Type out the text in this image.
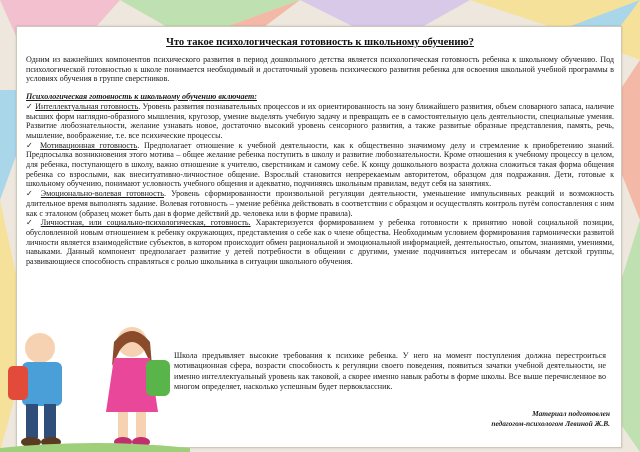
Что такое психологическая готовность к школьному обучению?

Одним из важнейших компонентов психического развития в период дошкольного детства является психологическая готовность ребенка к школьному обучению. Под психологической готовностью к школе понимается необходимый и достаточный уровень психического развития ребенка для освоения школьной учебной программы в условиях обучения в группе сверстников.

Психологическая готовность к школьному обучению включает:

✓ Интеллектуальная готовность. Уровень развития познавательных процессов и их ориентированность на зону ближайшего развития, объем словарного запаса, наличие высших форм наглядно-образного мышления, кругозор, умение выделять учебную задачу и превращать ее в самостоятельную цель деятельности, специальные умения. Развитие любознательности, желание узнавать новое, достаточно высокий уровень сенсорного развития, а также развитые образные представления, память, речь, мышление, воображение, т.е. все психические процессы.

✓ Мотивационная готовность. Предполагает отношение к учебной деятельности, как к общественно значимому делу и стремление к приобретению знаний. Предпосылка возникновения этого мотива – общее желание ребенка поступить в школу и развитие любознательности. Кроме отношения к учебному процессу в целом, для ребенка, поступающего в школу, важно отношение к учителю, сверстникам и самому себе. К концу дошкольного возраста должна сложиться такая форма общения ребенка со взрослыми, как внеситуативно-личностное общение. Взрослый становится непререкаемым авторитетом, образцом для подражания. Дети, готовые к школьному обучению, понимают условность учебного общения и адекватно, подчиняясь школьным правилам, ведут себя на занятиях.

✓ Эмоционально-волевая готовность. Уровень сформированности произвольной регуляции деятельности, уменьшение импульсивных реакций и возможность длительное время выполнять задание. Волевая готовность – умение ребёнка действовать в соответствии с образцом и осуществлять контроль путём сопоставления с ним как с эталоном (образец может быть дан в форме действий др. человека или в форме правила).

✓ Личностная, или социально-психологическая, готовность. Характеризуется формированием у ребенка готовности к принятию новой социальной позиции, обусловленной новым отношением к ребенку окружающих, представления о себе как о члене общества. Необходимым условием формирования гармонически развитой личности является взаимодействие субъектов, в котором происходит обмен рациональной и эмоциональной информацией, деятельностью, опытом, знаниями, умениями, навыками. Данный компонент предполагает развитие у детей потребности в общении с другими, умение подчиняться интересам и обычаям детской группы, развивающиеся способность справляться с ролью школьника в ситуации школьного обучения.

Школа предъявляет высокие требования к психике ребенка. У него на момент поступления должна перестроиться мотивационная сфера, возрасти способность к регуляции своего поведения, появиться зачатки учебной деятельности, не именно интеллектуальный уровень как таковой, а скорее именно навык работы в форме школы. Все выше перечисленное во многом определяет, насколько успешным будет первоклассник.
Материал подготовлен
педагогом-психологом Левиной Ж.В.
